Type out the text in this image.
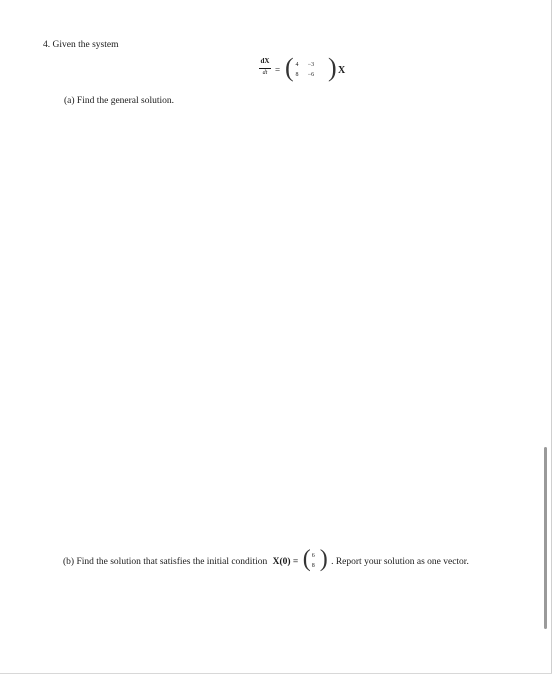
4. Given the system
dX
dt = ( 4	−3
8	−6 ) X
(a) Find the general solution.
(b) Find the solution that satisfies the initial condition X(0) = ( 6
8 ) . Report your solution as one vector.
